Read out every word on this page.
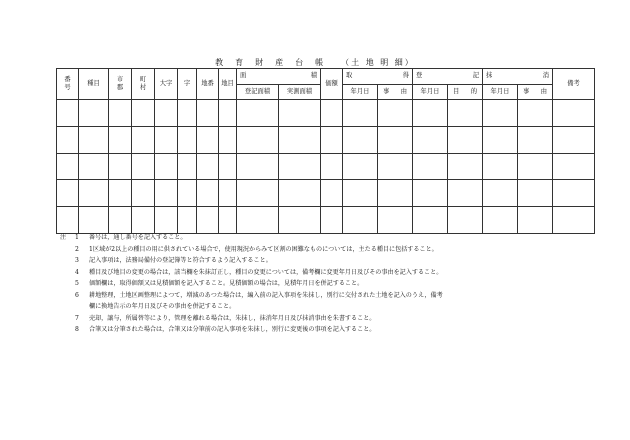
教　育　財　産　台　帳　　	（土 地 明 細）
番号	種目	市郡	町村	大字	字	地番	地目	面 積		価額	取 得		登 記		抹 消		備考
								登記面積	実測面積		年月日	事 由	年月日	目 的	年月日	事 由	

注	1	番号は，通し番号を記入すること。
2	1区域が2以上の種目の用に供されている場合で，使用現況からみて区割の困難なものについては，主たる種目に包括すること。
3	記入事項は，法務局備付の登記簿等と符合するよう記入すること。
4	種目及び地目の変更の場合は，該当欄を朱抹訂正し，種目の変更については，備考欄に変更年月日及びその事由を記入すること。
5	価額欄は，取得価額又は見積価額を記入すること。見積価額の場合は，見積年月日を併記すること。
6	耕地整理，土地区画整理によつて，増減のあつた場合は，編入前の記入事項を朱抹し，別行に交付された土地を記入のうえ，備考
欄に換地告示の年月日及びその事由を併記すること。
7	売却，譲与，所属替等により，管理を離れる場合は，朱抹し，抹消年月日及び抹消事由を朱書すること。
8	合筆又は分筆された場合は，合筆又は分筆前の記入事項を朱抹し，別行に変更後の事項を記入すること。
